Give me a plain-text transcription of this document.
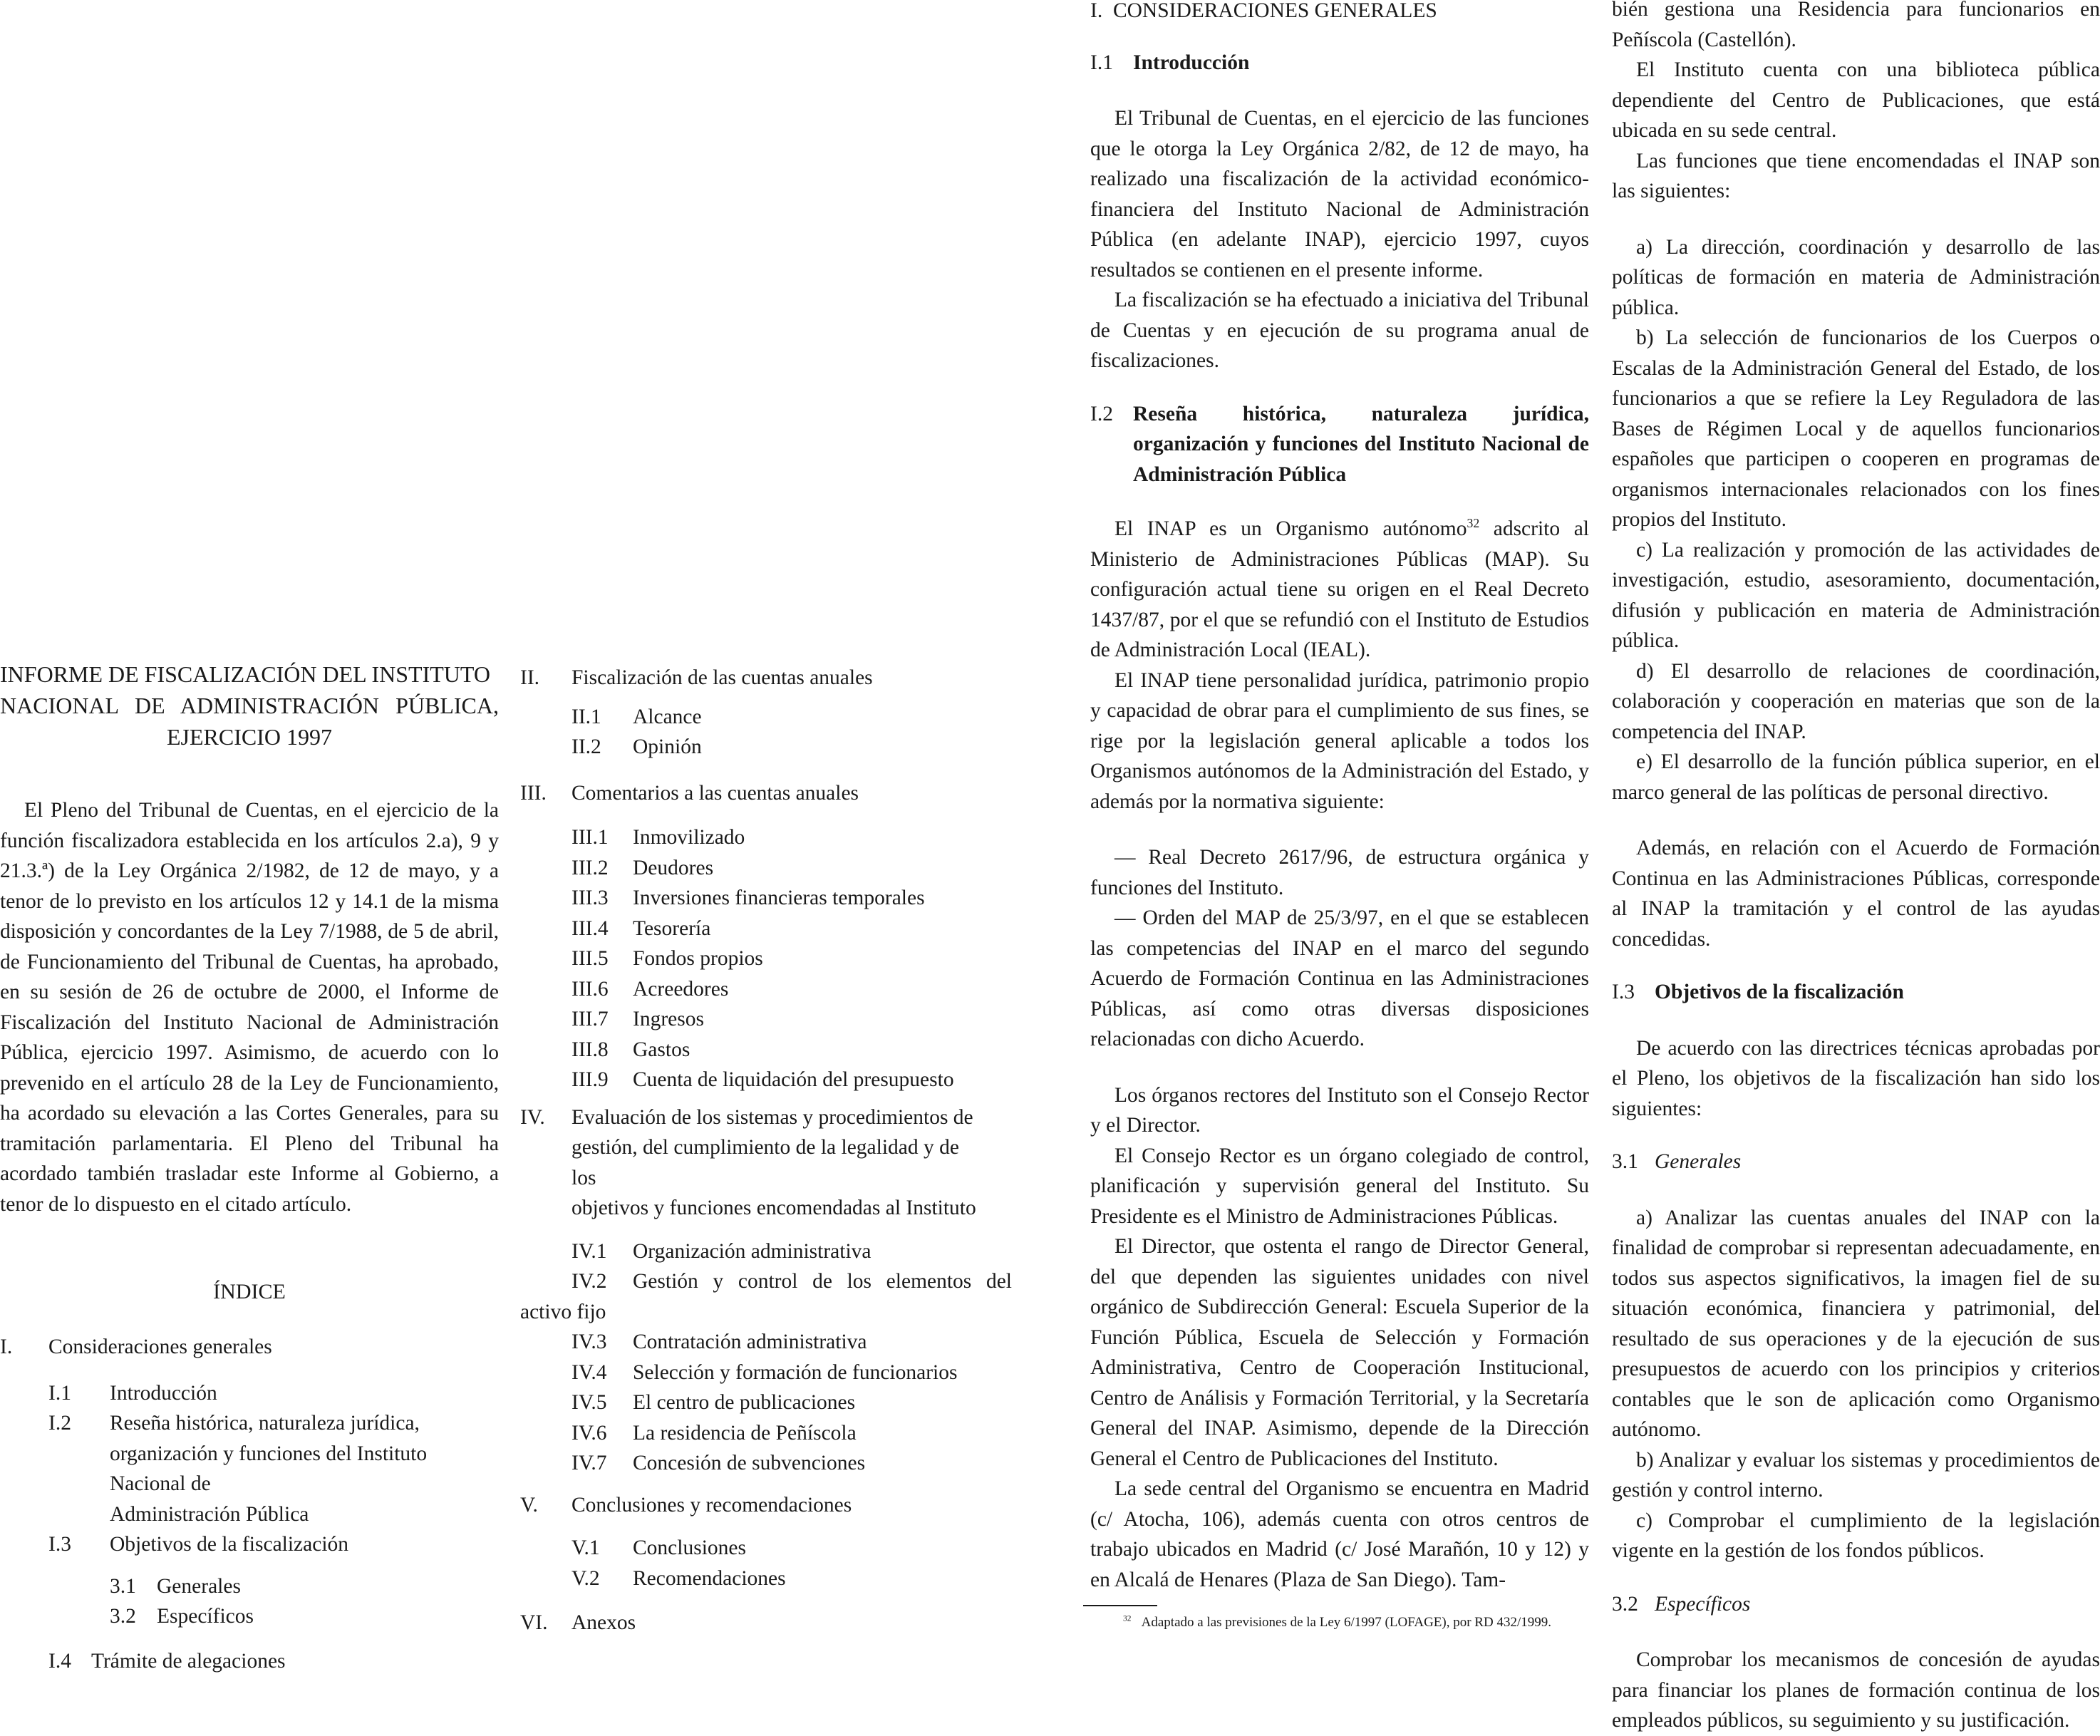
INFORME DE FISCALIZACIÓN DEL INSTITUTO
NACIONAL DE ADMINISTRACIÓN PÚBLICA,

EJERCICIO 1997

El Pleno del Tribunal de Cuentas, en el ejercicio de la función fiscalizadora establecida en los artículos 2.a), 9 y 21.3.ª) de la Ley Orgánica 2/1982, de 12 de mayo, y a tenor de lo previsto en los artículos 12 y 14.1 de la misma disposición y concordantes de la Ley 7/1988, de 5 de abril, de Funcionamiento del Tribunal de Cuentas, ha aprobado, en su sesión de 26 de octubre de 2000, el Informe de Fiscalización del Instituto Nacional de Administración Pública, ejercicio 1997. Asimismo, de acuerdo con lo prevenido en el artículo 28 de la Ley de Funcionamiento, ha acordado su elevación a las Cortes Generales, para su tramitación parlamentaria. El Pleno del Tribunal ha acordado también trasladar este Informe al Gobierno, a tenor de lo dispuesto en el citado artículo.

ÍNDICE

I.	Consideraciones generales
I.1	Introducción
I.2	Reseña histórica, naturaleza jurídica,
organización y funciones del Instituto
Nacional de
Administración Pública
I.3	Objetivos de la fiscalización
3.1 Generales
3.2 Específicos
I.4 Trámite de alegaciones
II.	Fiscalización de las cuentas anuales
II.1	Alcance
II.2	Opinión
III.	Comentarios a las cuentas anuales
III.1	Inmovilizado
III.2	Deudores
III.3	Inversiones financieras temporales
III.4	Tesorería
III.5	Fondos propios
III.6	Acreedores
III.7	Ingresos
III.8	Gastos
III.9	Cuenta de liquidación del presupuesto
IV.	Evaluación de los sistemas y procedimientos de
gestión, del cumplimiento de la legalidad y de
los
objetivos y funciones encomendadas al Instituto
IV.1	Organización administrativa
IV.2	Gestión y control de los elementos del
activo fijo
IV.3	Contratación administrativa
IV.4	Selección y formación de funcionarios
IV.5	El centro de publicaciones
IV.6	La residencia de Peñíscola
IV.7	Concesión de subvenciones
V.	Conclusiones y recomendaciones
V.1	Conclusiones
V.2	Recomendaciones
VI.	Anexos
I.  CONSIDERACIONES GENERALES
I.1 Introducción

El Tribunal de Cuentas, en el ejercicio de las funciones que le otorga la Ley Orgánica 2/82, de 12 de mayo, ha realizado una fiscalización de la actividad económico-financiera del Instituto Nacional de Administración Pública (en adelante INAP), ejercicio 1997, cuyos resultados se contienen en el presente informe.

La fiscalización se ha efectuado a iniciativa del Tribunal de Cuentas y en ejecución de su programa anual de fiscalizaciones.

I.2 Reseña histórica, naturaleza jurídica, organización y funciones del Instituto Nacional de Administración Pública

El INAP es un Organismo autónomo$^{32}$ adscrito al Ministerio de Administraciones Públicas (MAP). Su configuración actual tiene su origen en el Real Decreto 1437/87, por el que se refundió con el Instituto de Estudios de Administración Local (IEAL).

El INAP tiene personalidad jurídica, patrimonio propio y capacidad de obrar para el cumplimiento de sus fines, se rige por la legislación general aplicable a todos los Organismos autónomos de la Administración del Estado, y además por la normativa siguiente:

— Real Decreto 2617/96, de estructura orgánica y funciones del Instituto.

— Orden del MAP de 25/3/97, en el que se establecen las competencias del INAP en el marco del segundo Acuerdo de Formación Continua en las Administraciones Públicas, así como otras diversas disposiciones relacionadas con dicho Acuerdo.

Los órganos rectores del Instituto son el Consejo Rector y el Director.

El Consejo Rector es un órgano colegiado de control, planificación y supervisión general del Instituto. Su Presidente es el Ministro de Administraciones Públicas.

El Director, que ostenta el rango de Director General, del que dependen las siguientes unidades con nivel orgánico de Subdirección General: Escuela Superior de la Función Pública, Escuela de Selección y Formación Administrativa, Centro de Cooperación Institucional, Centro de Análisis y Formación Territorial, y la Secretaría General del INAP. Asimismo, depende de la Dirección General el Centro de Publicaciones del Instituto.

La sede central del Organismo se encuentra en Madrid (c/ Atocha, 106), además cuenta con otros centros de trabajo ubicados en Madrid (c/ José Marañón, 10 y 12) y en Alcalá de Henares (Plaza de San Diego). Tam-

$^{32}$ Adaptado a las previsiones de la Ley 6/1997 (LOFAGE), por RD 432/1999.

bién gestiona una Residencia para funcionarios en Peñíscola (Castellón).

El Instituto cuenta con una biblioteca pública dependiente del Centro de Publicaciones, que está ubicada en su sede central.

Las funciones que tiene encomendadas el INAP son las siguientes:

a) La dirección, coordinación y desarrollo de las políticas de formación en materia de Administración pública.

b) La selección de funcionarios de los Cuerpos o Escalas de la Administración General del Estado, de los funcionarios a que se refiere la Ley Reguladora de las Bases de Régimen Local y de aquellos funcionarios españoles que participen o cooperen en programas de organismos internacionales relacionados con los fines propios del Instituto.

c) La realización y promoción de las actividades de investigación, estudio, asesoramiento, documentación, difusión y publicación en materia de Administración pública.

d) El desarrollo de relaciones de coordinación, colaboración y cooperación en materias que son de la competencia del INAP.

e) El desarrollo de la función pública superior, en el marco general de las políticas de personal directivo.

Además, en relación con el Acuerdo de Formación Continua en las Administraciones Públicas, corresponde al INAP la tramitación y el control de las ayudas concedidas.

I.3 Objetivos de la fiscalización

De acuerdo con las directrices técnicas aprobadas por el Pleno, los objetivos de la fiscalización han sido los siguientes:

3.1 Generales

a) Analizar las cuentas anuales del INAP con la finalidad de comprobar si representan adecuadamente, en todos sus aspectos significativos, la imagen fiel de su situación económica, financiera y patrimonial, del resultado de sus operaciones y de la ejecución de sus presupuestos de acuerdo con los principios y criterios contables que le son de aplicación como Organismo autónomo.

b) Analizar y evaluar los sistemas y procedimientos de gestión y control interno.

c) Comprobar el cumplimiento de la legislación vigente en la gestión de los fondos públicos.

3.2 Específicos

Comprobar los mecanismos de concesión de ayudas para financiar los planes de formación continua de los empleados públicos, su seguimiento y su justificación.
